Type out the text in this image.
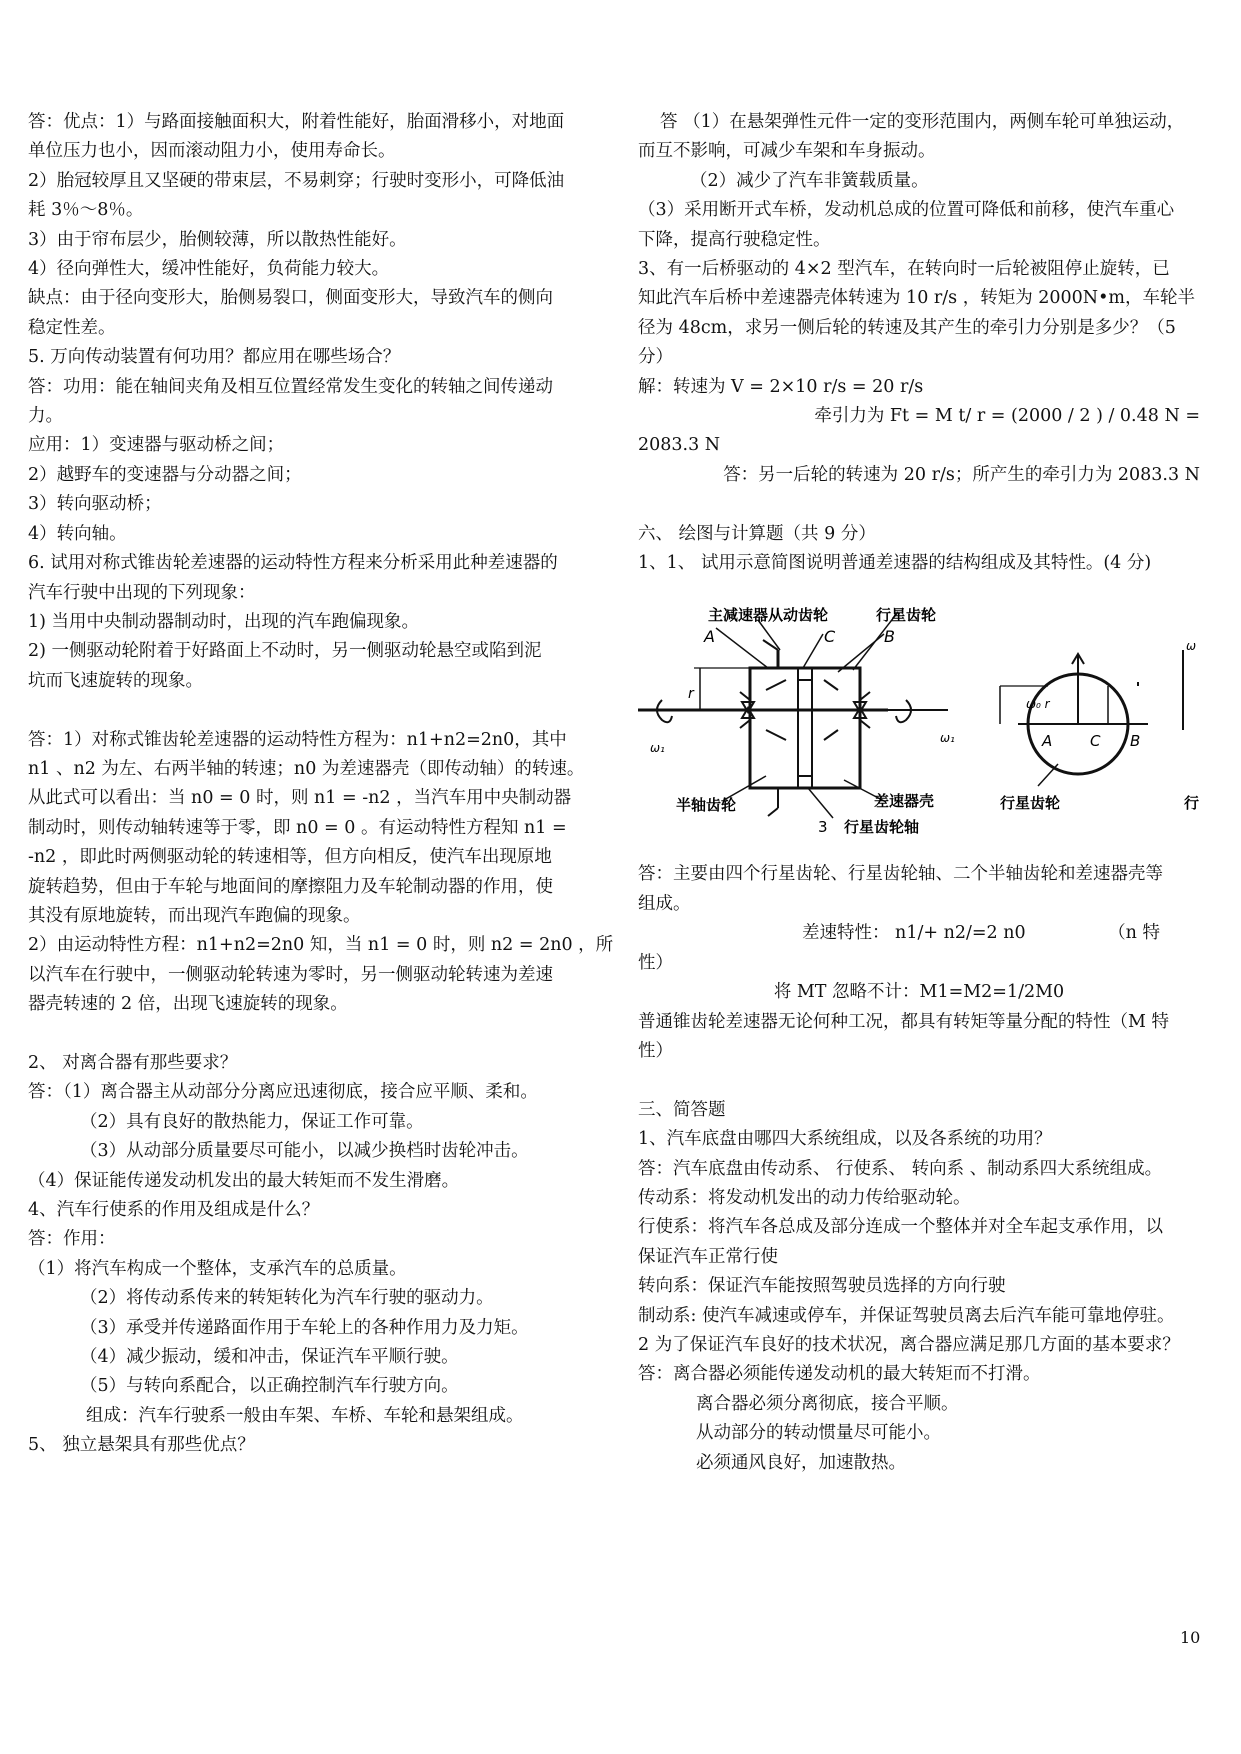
答：优点：1）与路面接触面积大，附着性能好，胎面滑移小，对地面
单位压力也小，因而滚动阻力小，使用寿命长。
2）胎冠较厚且又坚硬的带束层，不易刺穿；行驶时变形小，可降低油
耗 3％～8％。
3）由于帘布层少，胎侧较薄，所以散热性能好。
4）径向弹性大，缓冲性能好，负荷能力较大。
缺点：由于径向变形大，胎侧易裂口，侧面变形大，导致汽车的侧向
稳定性差。
5. 万向传动装置有何功用？都应用在哪些场合？
答：功用：能在轴间夹角及相互位置经常发生变化的转轴之间传递动
力。
应用：1）变速器与驱动桥之间；
2）越野车的变速器与分动器之间；
3）转向驱动桥；
4）转向轴。
6. 试用对称式锥齿轮差速器的运动特性方程来分析采用此种差速器的
汽车行驶中出现的下列现象：
1) 当用中央制动器制动时，出现的汽车跑偏现象。
2) 一侧驱动轮附着于好路面上不动时，另一侧驱动轮悬空或陷到泥
坑而飞速旋转的现象。
答：1）对称式锥齿轮差速器的运动特性方程为：n1+n2=2n0，其中
n1 、n2 为左、右两半轴的转速；n0 为差速器壳（即传动轴）的转速。
从此式可以看出：当 n0 = 0 时，则 n1 = -n2 ，当汽车用中央制动器
制动时，则传动轴转速等于零，即 n0 = 0 。有运动特性方程知 n1 =
-n2 ，即此时两侧驱动轮的转速相等，但方向相反，使汽车出现原地
旋转趋势，但由于车轮与地面间的摩擦阻力及车轮制动器的作用，使
其没有原地旋转，而出现汽车跑偏的现象。
2）由运动特性方程：n1+n2=2n0 知，当 n1 = 0 时，则 n2 = 2n0 ，所
以汽车在行驶中，一侧驱动轮转速为零时，另一侧驱动轮转速为差速
器壳转速的 2 倍，出现飞速旋转的现象。
2、 对离合器有那些要求？
答：（1）离合器主从动部分分离应迅速彻底，接合应平顺、柔和。
（2）具有良好的散热能力，保证工作可靠。
（3）从动部分质量要尽可能小，以减少换档时齿轮冲击。
（4）保证能传递发动机发出的最大转矩而不发生滑磨。
4、汽车行使系的作用及组成是什么？
答：作用：
（1）将汽车构成一个整体，支承汽车的总质量。
（2）将传动系传来的转矩转化为汽车行驶的驱动力。
（3）承受并传递路面作用于车轮上的各种作用力及力矩。
（4）减少振动，缓和冲击，保证汽车平顺行驶。
（5）与转向系配合，以正确控制汽车行驶方向。
组成：汽车行驶系一般由车架、车桥、车轮和悬架组成。
5、 独立悬架具有那些优点？
答 （1）在悬架弹性元件一定的变形范围内，两侧车轮可单独运动，
而互不影响，可减少车架和车身振动。
（2）减少了汽车非簧载质量。
（3）采用断开式车桥，发动机总成的位置可降低和前移，使汽车重心
下降，提高行驶稳定性。
3、有一后桥驱动的 4×2 型汽车，在转向时一后轮被阻停止旋转，已
知此汽车后桥中差速器壳体转速为 10 r/s ，转矩为 2000N•m，车轮半
径为 48cm，求另一侧后轮的转速及其产生的牵引力分别是多少？（5
分）
解：转速为 V = 2×10 r/s = 20 r/s
牵引力为 Ft = M t/ r = (2000 / 2 ) / 0.48 N =
2083.3 N
答：另一后轮的转速为 20 r/s；所产生的牵引力为 2083.3 N
六、 绘图与计算题（共 9 分）
1、1、 试用示意简图说明普通差速器的结构组成及其特性。(4 分)
主减速器从动齿轮	行星齿轮
A	C	B
r
ω₁
ω₁
半轴齿轮	差速器壳
3 行星齿轮轴
ω₀ r
A	C B
行星齿轮
ω
行
答：主要由四个行星齿轮、行星齿轮轴、二个半轴齿轮和差速器壳等
组成。
差速特性： n1/+ n2/=2 n0	（n 特
性）
将 MT 忽略不计：M1=M2=1/2M0
普通锥齿轮差速器无论何种工况，都具有转矩等量分配的特性（M 特
性）
三、简答题
1、汽车底盘由哪四大系统组成，以及各系统的功用？
答：汽车底盘由传动系、 行使系、 转向系 、制动系四大系统组成。
传动系：将发动机发出的动力传给驱动轮。
行使系：将汽车各总成及部分连成一个整体并对全车起支承作用，以
保证汽车正常行使
转向系：保证汽车能按照驾驶员选择的方向行驶
制动系: 使汽车减速或停车，并保证驾驶员离去后汽车能可靠地停驻。
2 为了保证汽车良好的技术状况，离合器应满足那几方面的基本要求？
答：离合器必须能传递发动机的最大转矩而不打滑。
离合器必须分离彻底，接合平顺。
从动部分的转动惯量尽可能小。
必须通风良好，加速散热。
10
